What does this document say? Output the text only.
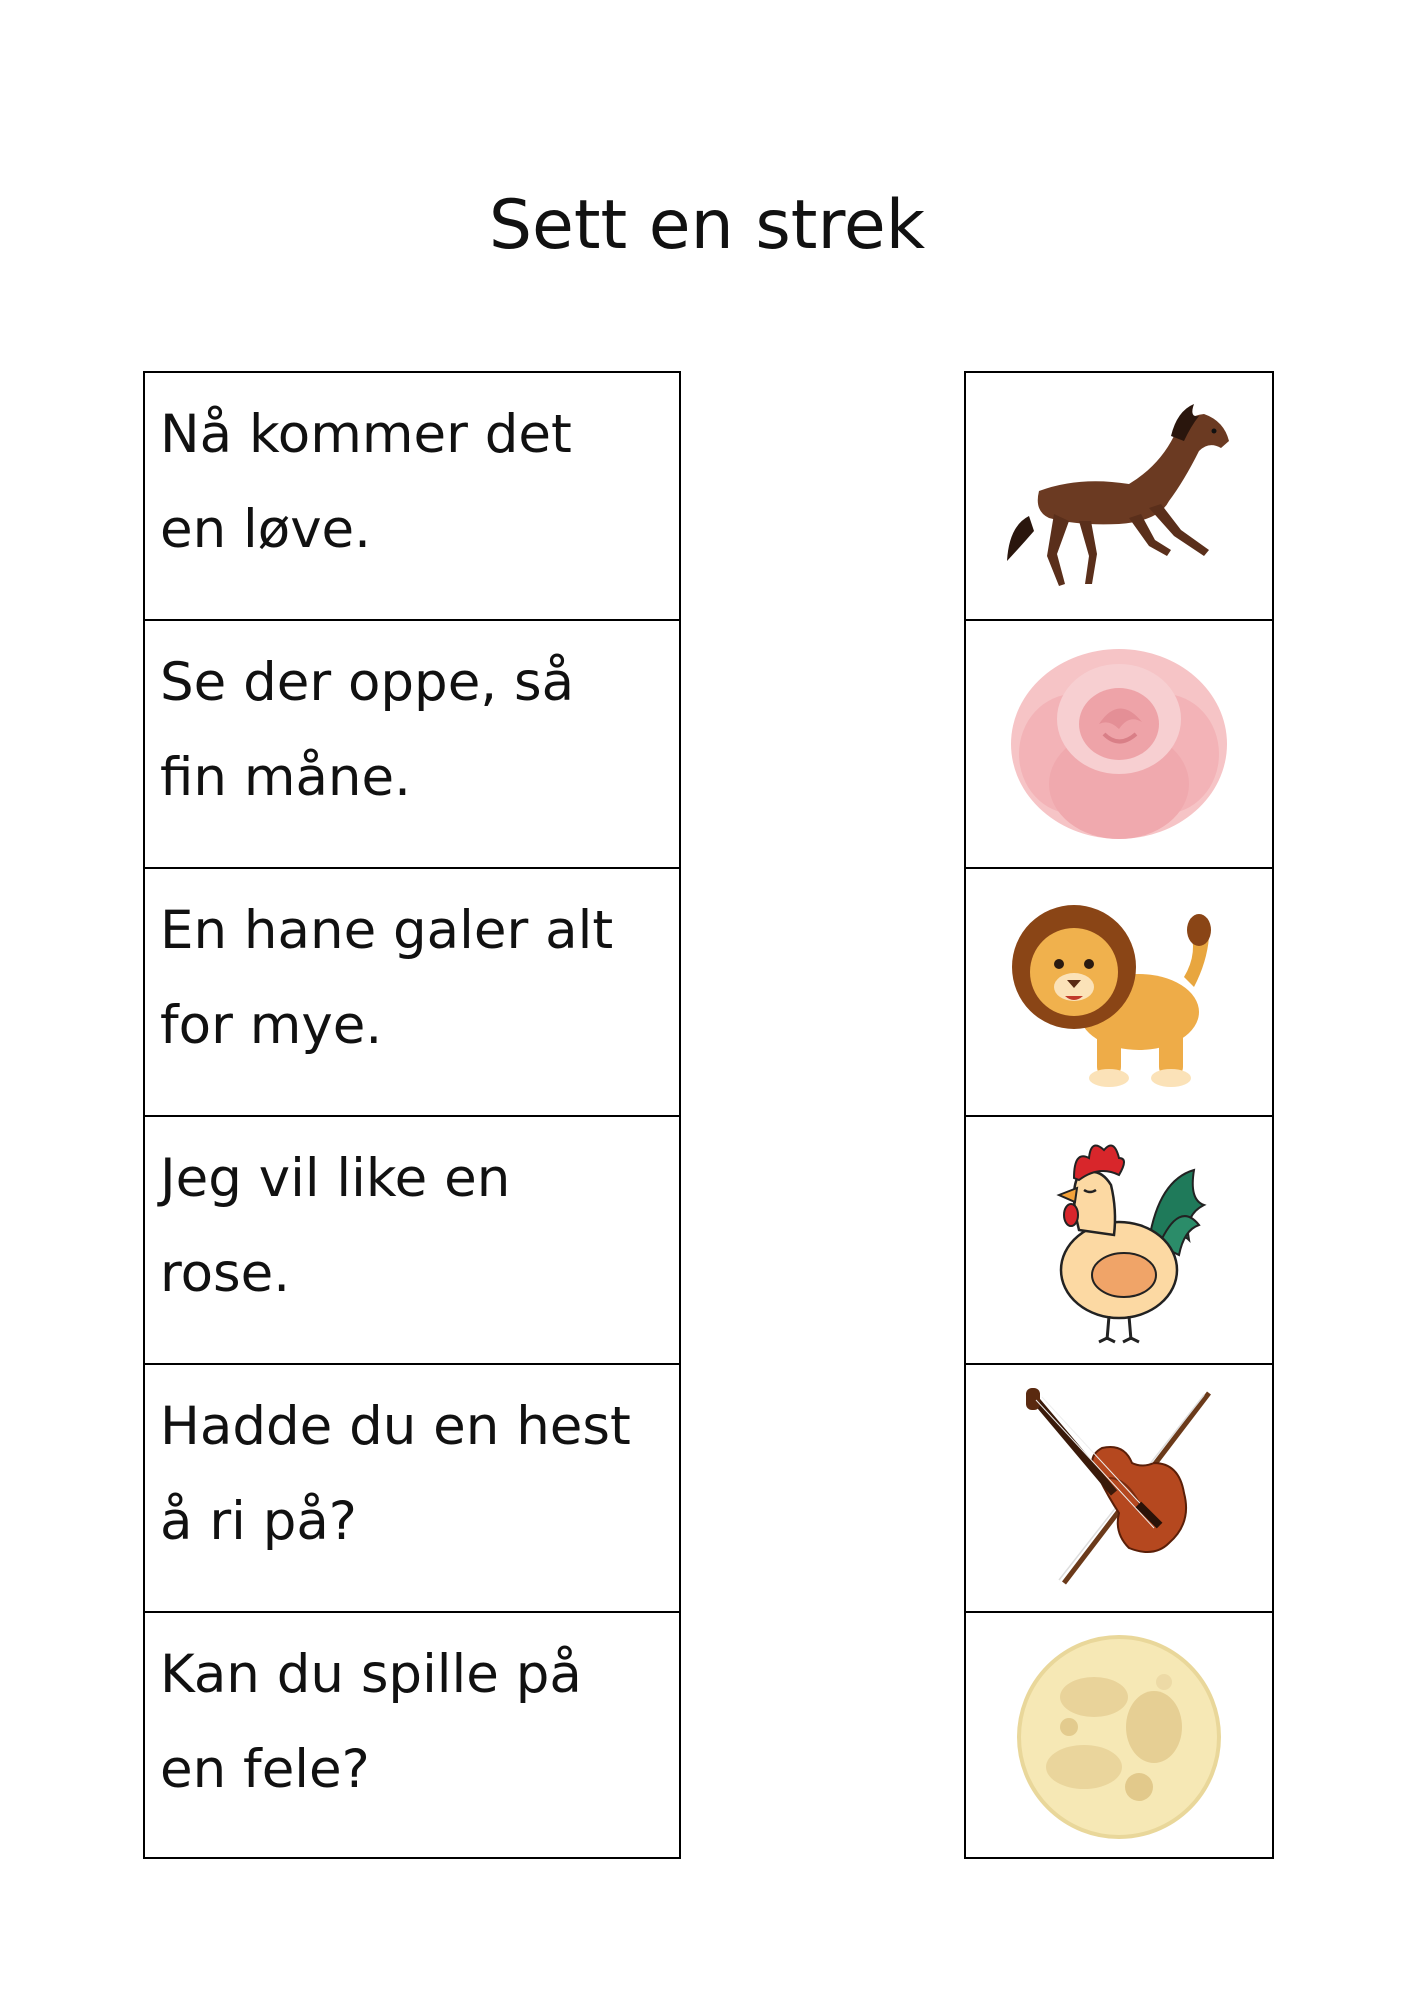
Sett en strek
Nå kommer det
en løve.
Se der oppe, så
fin måne.
En hane galer alt
for mye.
Jeg vil like en
rose.
Hadde du en hest
å ri på?
Kan du spille på
en fele?
